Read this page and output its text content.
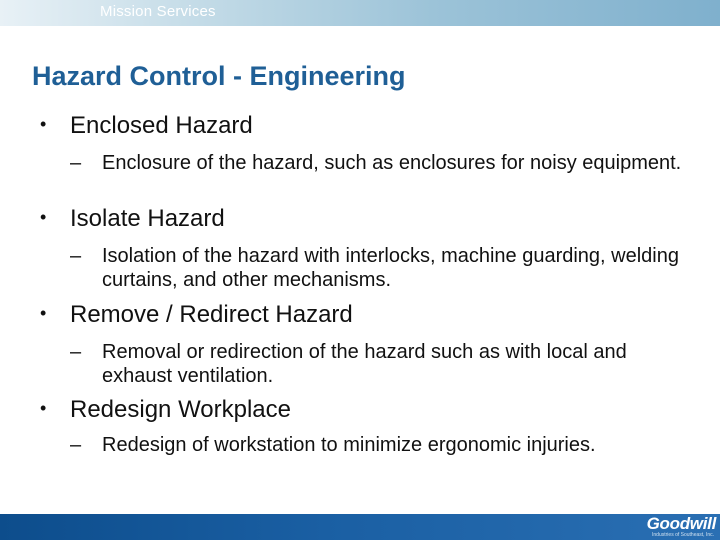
Mission Services
Hazard Control - Engineering
• Enclosed Hazard
–	Enclosure of the hazard, such as enclosures for noisy equipment.
• Isolate Hazard
–	Isolation of the hazard with interlocks, machine guarding, welding curtains, and other mechanisms.
• Remove / Redirect Hazard
–	Removal or redirection of the hazard such as with local and exhaust ventilation.
• Redesign Workplace
–	Redesign of workstation to minimize ergonomic injuries.
Goodwill
Industries of Southeast, Inc.
